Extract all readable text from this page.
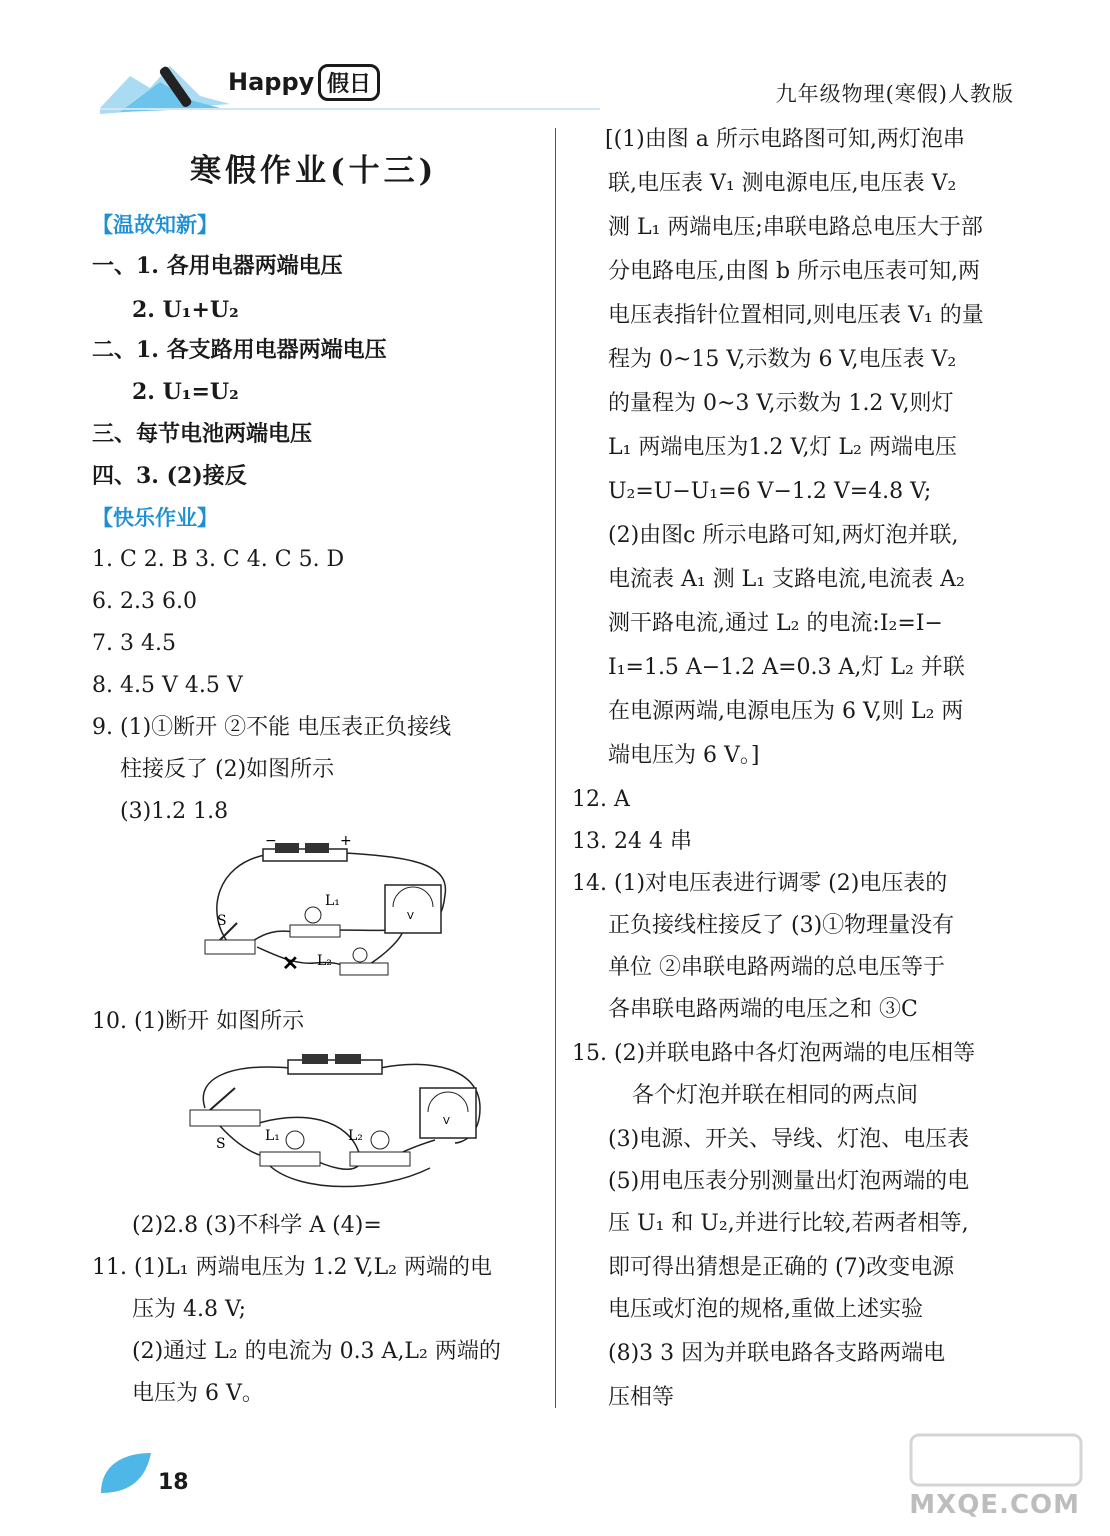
Happy 假日	九年级物理(寒假)人教版
寒假作业(十三)
【温故知新】
一、1. 各用电器两端电压
2. U₁+U₂
二、1. 各支路用电器两端电压
2. U₁=U₂
三、每节电池两端电压
四、3. (2)接反
【快乐作业】
1. C 2. B 3. C 4. C 5. D
6. 2.3 6.0
7. 3 4.5
8. 4.5 V 4.5 V
9. (1)①断开 ②不能 电压表正负接线
柱接反了 (2)如图所示
(3)1.2 1.8
−	+
V
L₁
S
✕ L₂
10. (1)断开 如图所示
S	L₁	L₂
V
(2)2.8 (3)不科学 A (4)=
11. (1)L₁ 两端电压为 1.2 V,L₂ 两端的电
压为 4.8 V;
(2)通过 L₂ 的电流为 0.3 A,L₂ 两端的
电压为 6 V。
[(1)由图 a 所示电路图可知,两灯泡串
联,电压表 V₁ 测电源电压,电压表 V₂
测 L₁ 两端电压;串联电路总电压大于部
分电路电压,由图 b 所示电压表可知,两
电压表指针位置相同,则电压表 V₁ 的量
程为 0~15 V,示数为 6 V,电压表 V₂
的量程为 0~3 V,示数为 1.2 V,则灯
L₁ 两端电压为1.2 V,灯 L₂ 两端电压
U₂=U−U₁=6 V−1.2 V=4.8 V;
(2)由图c 所示电路可知,两灯泡并联,
电流表 A₁ 测 L₁ 支路电流,电流表 A₂
测干路电流,通过 L₂ 的电流:I₂=I−
I₁=1.5 A−1.2 A=0.3 A,灯 L₂ 并联
在电源两端,电源电压为 6 V,则 L₂ 两
端电压为 6 V。]
12. A
13. 24 4 串
14. (1)对电压表进行调零 (2)电压表的
正负接线柱接反了 (3)①物理量没有
单位 ②串联电路两端的总电压等于
各串联电路两端的电压之和 ③C
15. (2)并联电路中各灯泡两端的电压相等
各个灯泡并联在相同的两点间
(3)电源、开关、导线、灯泡、电压表
(5)用电压表分别测量出灯泡两端的电
压 U₁ 和 U₂,并进行比较,若两者相等,
即可得出猜想是正确的 (7)改变电源
电压或灯泡的规格,重做上述实验
(8)3 3 因为并联电路各支路两端电
压相等
18
MXQE.COM
